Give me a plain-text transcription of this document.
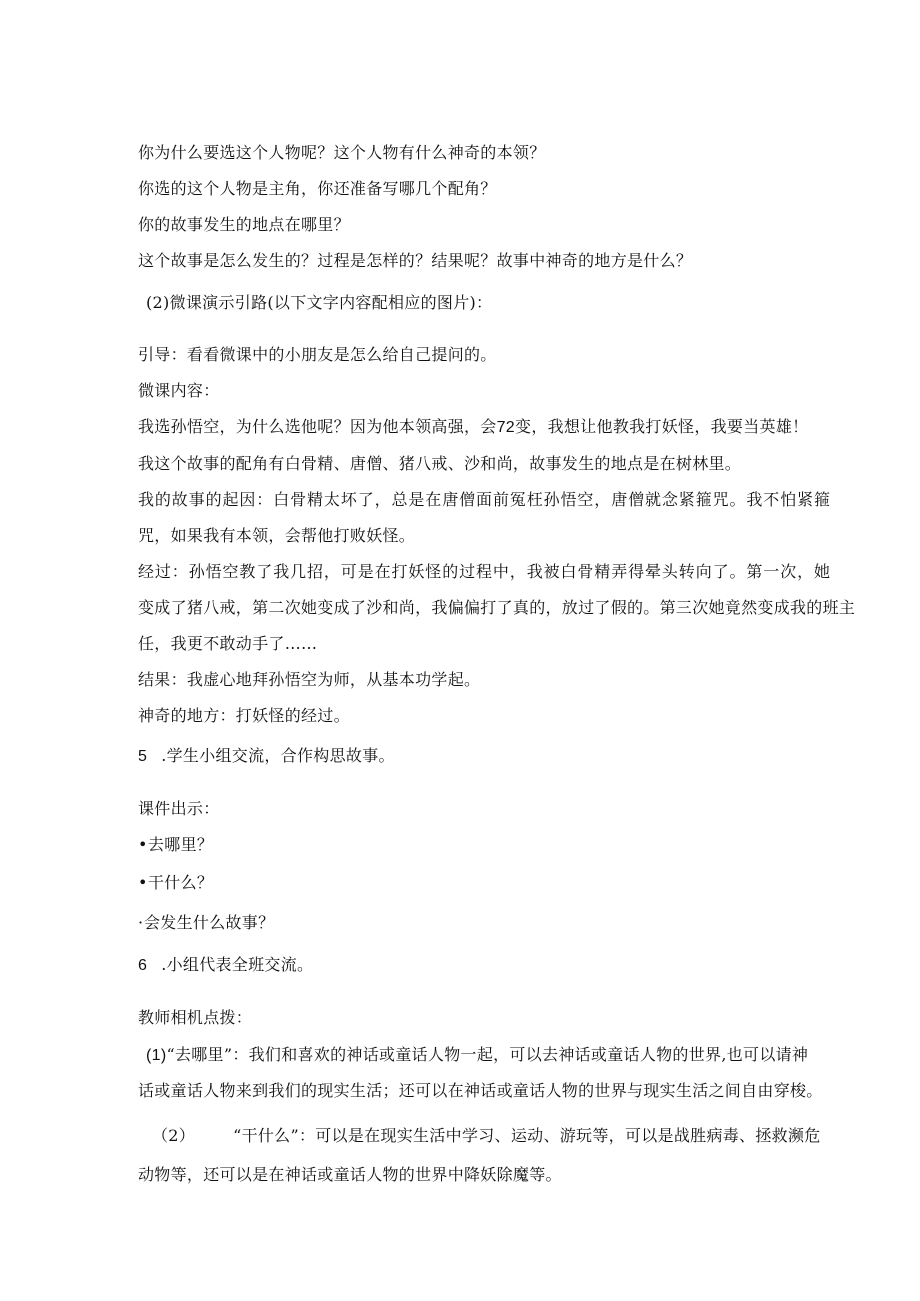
你为什么要选这个人物呢？这个人物有什么神奇的本领？

你选的这个人物是主角，你还准备写哪几个配角？

你的故事发生的地点在哪里？

这个故事是怎么发生的？过程是怎样的？结果呢？故事中神奇的地方是什么？

(2)微课演示引路(以下文字内容配相应的图片)：

引导：看看微课中的小朋友是怎么给自己提问的。

微课内容：

我选孙悟空，为什么选他呢？因为他本领高强，会72变，我想让他教我打妖怪，我要当英雄！

我这个故事的配角有白骨精、唐僧、猪八戒、沙和尚，故事发生的地点是在树林里。

我的故事的起因：白骨精太坏了，总是在唐僧面前冤枉孙悟空，唐僧就念紧箍咒。我不怕紧箍

咒，如果我有本领，会帮他打败妖怪。

经过：孙悟空教了我几招，可是在打妖怪的过程中，我被白骨精弄得晕头转向了。第一次，她

变成了猪八戒，第二次她变成了沙和尚，我偏偏打了真的，放过了假的。第三次她竟然变成我的班主

任，我更不敢动手了……

结果：我虚心地拜孙悟空为师，从基本功学起。

神奇的地方：打妖怪的经过。

5 .学生小组交流，合作构思故事。

课件出示：

•去哪里？

•干什么？

·会发生什么故事？

6 .小组代表全班交流。

教师相机点拨：

(1)“去哪里”：我们和喜欢的神话或童话人物一起，可以去神话或童话人物的世界,也可以请神

话或童话人物来到我们的现实生活；还可以在神话或童话人物的世界与现实生活之间自由穿梭。

（2） “干什么”：可以是在现实生活中学习、运动、游玩等，可以是战胜病毒、拯救濒危

动物等，还可以是在神话或童话人物的世界中降妖除魔等。
